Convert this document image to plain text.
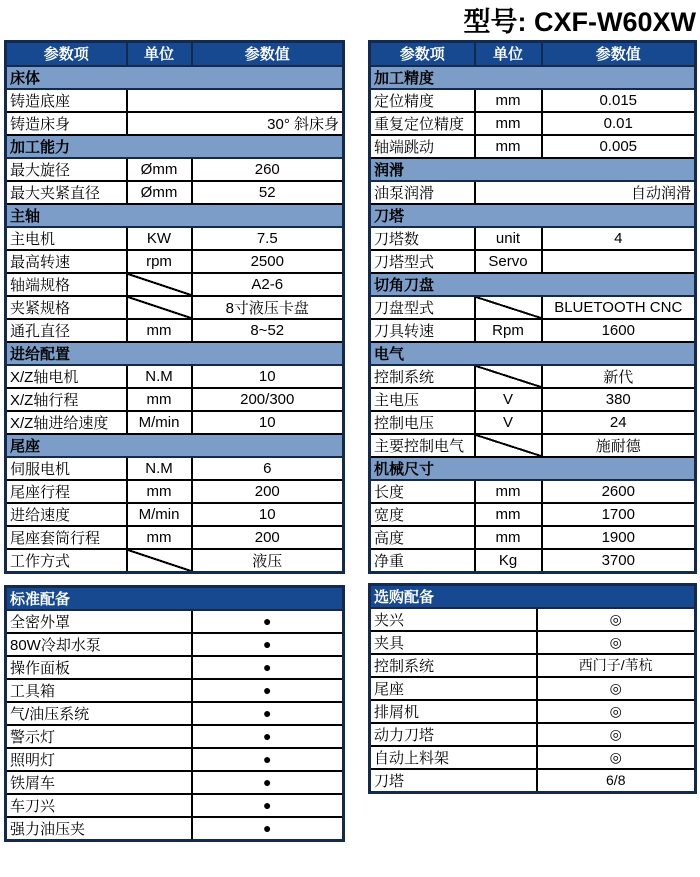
型号: CXF-W60XW
参数项	单位	参数值
床体		
铸造底座		
铸造床身	30° 斜床身	
加工能力		
最大旋径	Ømm	260
最大夹紧直径	Ømm	52
主轴		
主电机	KW	7.5
最高转速	rpm	2500
轴端规格		A2-6
夹紧规格		8寸液压卡盘
通孔直径	mm	8~52
进给配置		
X/Z轴电机	N.M	10
X/Z轴行程	mm	200/300
X/Z轴进给速度	M/min	10
尾座		
伺服电机	N.M	6
尾座行程	mm	200
进给速度	M/min	10
尾座套筒行程	mm	200
工作方式		液压
标准配备	
全密外罩	●
80W冷却水泵	●
操作面板	●
工具箱	●
气/油压系统	●
警示灯	●
照明灯	●
铁屑车	●
车刀兴	●
强力油压夹	●
参数项	单位	参数值
加工精度		
定位精度	mm	0.015
重复定位精度	mm	0.01
轴端跳动	mm	0.005
润滑		
油泵润滑	自动润滑	
刀塔		
刀塔数	unit	4
刀塔型式	Servo	
切角刀盘		
刀盘型式		BLUETOOTH CNC
刀具转速	Rpm	1600
电气		
控制系统		新代
主电压	V	380
控制电压	V	24
主要控制电气		施耐德
机械尺寸		
长度	mm	2600
宽度	mm	1700
高度	mm	1900
净重	Kg	3700
选购配备	
夹兴	◎
夹具	◎
控制系统	西门子/苇杭
尾座	◎
排屑机	◎
动力刀塔	◎
自动上料架	◎
刀塔	6/8
